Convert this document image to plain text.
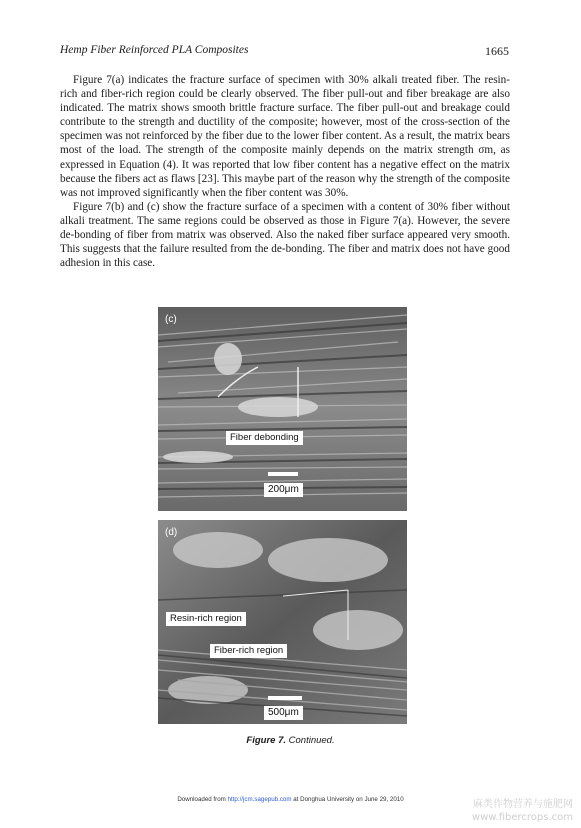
Hemp Fiber Reinforced PLA Composites	1665

Figure 7(a) indicates the fracture surface of specimen with 30% alkali treated fiber. The resin-rich and fiber-rich region could be clearly observed. The fiber pull-out and fiber breakage are also indicated. The matrix shows smooth brittle fracture surface. The fiber pull-out and breakage could contribute to the strength and ductility of the composite; however, most of the cross-section of the specimen was not reinforced by the fiber due to the lower fiber content. As a result, the matrix bears most of the load. The strength of the composite mainly depends on the matrix strength σm, as expressed in Equation (4). It was reported that low fiber content has a negative effect on the matrix because the fibers act as flaws [23]. This maybe part of the reason why the strength of the composite was not improved significantly when the fiber content was 30%.

Figure 7(b) and (c) show the fracture surface of a specimen with a content of 30% fiber without alkali treatment. The same regions could be observed as those in Figure 7(a). However, the severe de-bonding of fiber from matrix was observed. Also the naked fiber surface appeared very smooth. This suggests that the failure resulted from the de-bonding. The fiber and matrix does not have good adhesion in this case.

(c)
Fiber debonding
200μm
(d)
Resin-rich region
Fiber-rich region
500μm
Figure 7. Continued.
Downloaded from http://jcm.sagepub.com at Donghua University on June 29, 2010	麻类作物营养与施肥网
www.fibercrops.com
